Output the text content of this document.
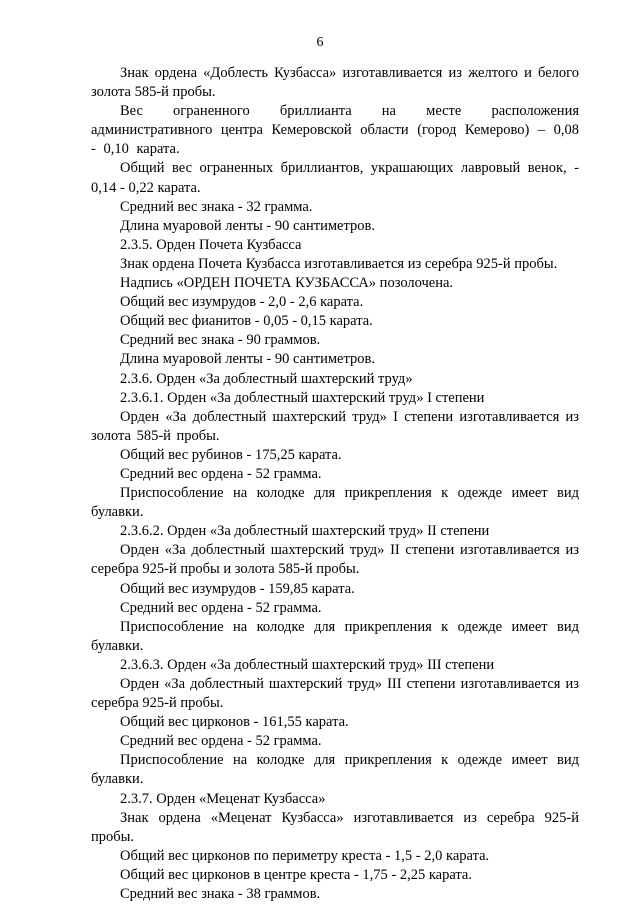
6

Знак ордена «Доблесть Кузбасса» изготавливается из желтого и белого золота 585-й пробы.

Вес ограненного бриллианта на месте расположения административного центра Кемеровской области (город Кемерово) – 0,08 - 0,10 карата.

Общий вес ограненных бриллиантов, украшающих лавровый венок, - 0,14 - 0,22 карата.

Средний вес знака - 32 грамма.

Длина муаровой ленты - 90 сантиметров.

2.3.5. Орден Почета Кузбасса

Знак ордена Почета Кузбасса изготавливается из серебра 925-й пробы.

Надпись «ОРДЕН ПОЧЕТА КУЗБАССА» позолочена.

Общий вес изумрудов - 2,0 - 2,6 карата.

Общий вес фианитов - 0,05 - 0,15 карата.

Средний вес знака - 90 граммов.

Длина муаровой ленты - 90 сантиметров.

2.3.6. Орден «За доблестный шахтерский труд»

2.3.6.1. Орден «За доблестный шахтерский труд» I степени

Орден «За доблестный шахтерский труд» I степени изготавливается из золота 585-й пробы.

Общий вес рубинов - 175,25 карата.

Средний вес ордена - 52 грамма.

Приспособление на колодке для прикрепления к одежде имеет вид булавки.

2.3.6.2. Орден «За доблестный шахтерский труд» II степени

Орден «За доблестный шахтерский труд» II степени изготавливается из серебра 925-й пробы и золота 585-й пробы.

Общий вес изумрудов - 159,85 карата.

Средний вес ордена - 52 грамма.

Приспособление на колодке для прикрепления к одежде имеет вид булавки.

2.3.6.3. Орден «За доблестный шахтерский труд» III степени

Орден «За доблестный шахтерский труд» III степени изготавливается из серебра 925-й пробы.

Общий вес цирконов - 161,55 карата.

Средний вес ордена - 52 грамма.

Приспособление на колодке для прикрепления к одежде имеет вид булавки.

2.3.7. Орден «Меценат Кузбасса»

Знак ордена «Меценат Кузбасса» изготавливается из серебра 925-й пробы.

Общий вес цирконов по периметру креста - 1,5 - 2,0 карата.

Общий вес цирконов в центре креста - 1,75 - 2,25 карата.

Средний вес знака - 38 граммов.
